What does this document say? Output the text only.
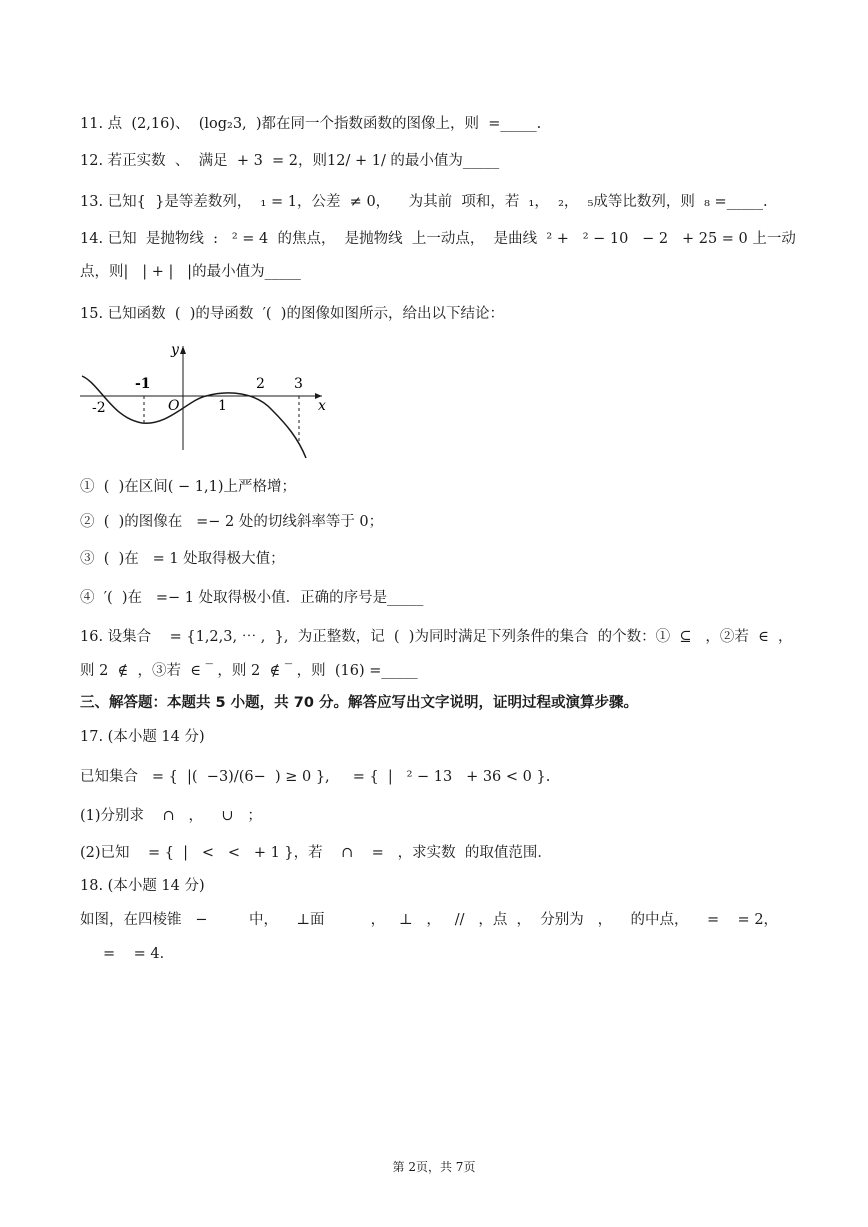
11. 点  (2,16)、  (log₂3,  )都在同一个指数函数的图像上，则  =_____.
12. 若正实数  、  满足  + 3  = 2，则12/ + 1/ 的最小值为_____
13. 已知{  }是等差数列，  ₁ = 1，公差  ≠ 0，    为其前  项和，若  ₁，  ₂，  ₅成等比数列，则  ₈ =_____.
14. 已知  是抛物线  :   ² = 4  的焦点，  是抛物线  上一动点，  是曲线  ² +   ² − 10   − 2   + 25 = 0 上一动
点，则|   | + |   |的最小值为_____
15. 已知函数  (  )的导函数  ′(  )的图像如图所示，给出以下结论：
y
x
O
-2
-1
1
2 3
①  (  )在区间( − 1,1)上严格增；
②  (  )的图像在   =− 2 处的切线斜率等于 0；
③  (  )在   = 1 处取得极大值；
④  ′(  )在   =− 1 处取得极小值．正确的序号是_____
16. 设集合    = {1,2,3, ⋯ ,  },  为正整数，记  (  )为同时满足下列条件的集合  的个数：①  ⊆   ，②若  ∈  ，
则 2  ∉  ，③若  ∈ ‾ ，则 2  ∉ ‾ ，则  (16) =_____
三、解答题：本题共 5 小题，共 70 分。解答应写出文字说明，证明过程或演算步骤。
17. (本小题 14 分)
已知集合   = {  |(  −3)/(6−  ) ≥ 0 },     = {  |   ² − 13   + 36 < 0 }.
(1)分别求    ∩   ，    ∪   ；
(2)已知    = {  |   <   <   + 1 }，若    ∩    =   ，求实数  的取值范围．
18. (本小题 14 分)
如图，在四棱锥   −         中，    ⊥面          ，   ⊥   ，   //   ，点  ，  分别为   ，    的中点，    =    = 2，
=    = 4．
第 2页，共 7页
